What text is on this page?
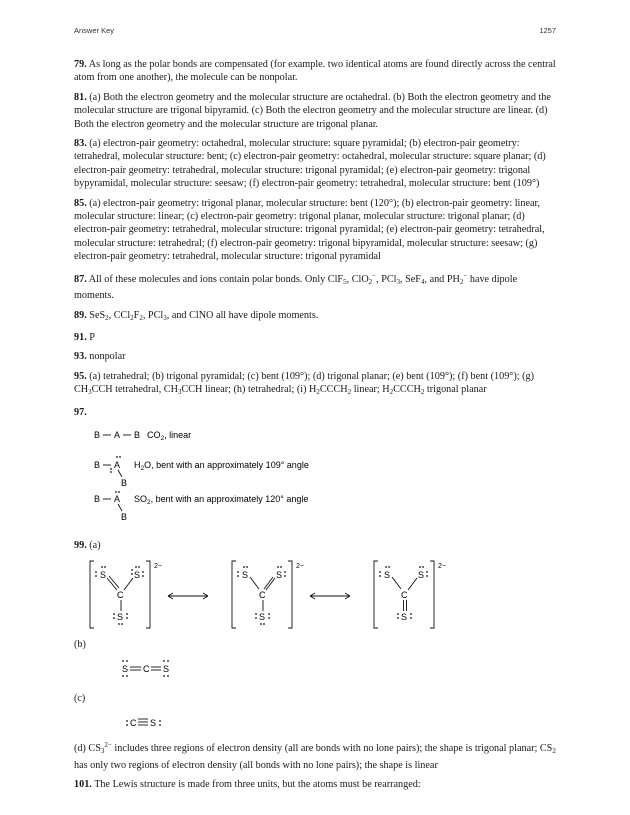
Answer Key	1257

79. As long as the polar bonds are compensated (for example. two identical atoms are found directly across the central atom from one another), the molecule can be nonpolar.

81. (a) Both the electron geometry and the molecular structure are octahedral. (b) Both the electron geometry and the molecular structure are trigonal bipyramid. (c) Both the electron geometry and the molecular structure are linear. (d) Both the electron geometry and the molecular structure are trigonal planar.

83. (a) electron-pair geometry: octahedral, molecular structure: square pyramidal; (b) electron-pair geometry: tetrahedral, molecular structure: bent; (c) electron-pair geometry: octahedral, molecular structure: square planar; (d) electron-pair geometry: tetrahedral, molecular structure: trigonal pyramidal; (e) electron-pair geometry: trigonal bypyramidal, molecular structure: seesaw; (f) electron-pair geometry: tetrahedral, molecular structure: bent (109°)

85. (a) electron-pair geometry: trigonal planar, molecular structure: bent (120°); (b) electron-pair geometry: linear, molecular structure: linear; (c) electron-pair geometry: trigonal planar, molecular structure: trigonal planar; (d) electron-pair geometry: tetrahedral, molecular structure: trigonal pyramidal; (e) electron-pair geometry: tetrahedral, molecular structure: tetrahedral; (f) electron-pair geometry: trigonal bipyramidal, molecular structure: seesaw; (g) electron-pair geometry: tetrahedral, molecular structure: trigonal pyramidal

87. All of these molecules and ions contain polar bonds. Only ClF5, ClO2−, PCl3, SeF4, and PH2− have dipole moments.

89. SeS2, CCl2F2, PCl3, and ClNO all have dipole moments.

91. P

93. nonpolar

95. (a) tetrahedral; (b) trigonal pyramidal; (c) bent (109°); (d) trigonal planar; (e) bent (109°); (f) bent (109°); (g) CH3CCH tetrahedral, CH3CCH linear; (h) tetrahedral; (i) H2CCCH2 linear; H2CCCH2 trigonal planar

97.

B A B $CO_2$, linear
B A
B
$H_2O$, bent with an approximately 109° angle
B A
B
$SO_2$, bent with an approximately 120° angle

99. (a)

2−
S	S
C
S
2−
S	S
C
S
2−
S	S
C
S

(b)

S C S

(c)

C S

(d) $CS3^{2-}$ includes three regions of electron density (all are bonds with no lone pairs); the shape is trigonal planar; CS2 has only two regions of electron density (all bonds with no lone pairs); the shape is linear

101. The Lewis structure is made from three units, but the atoms must be rearranged:
